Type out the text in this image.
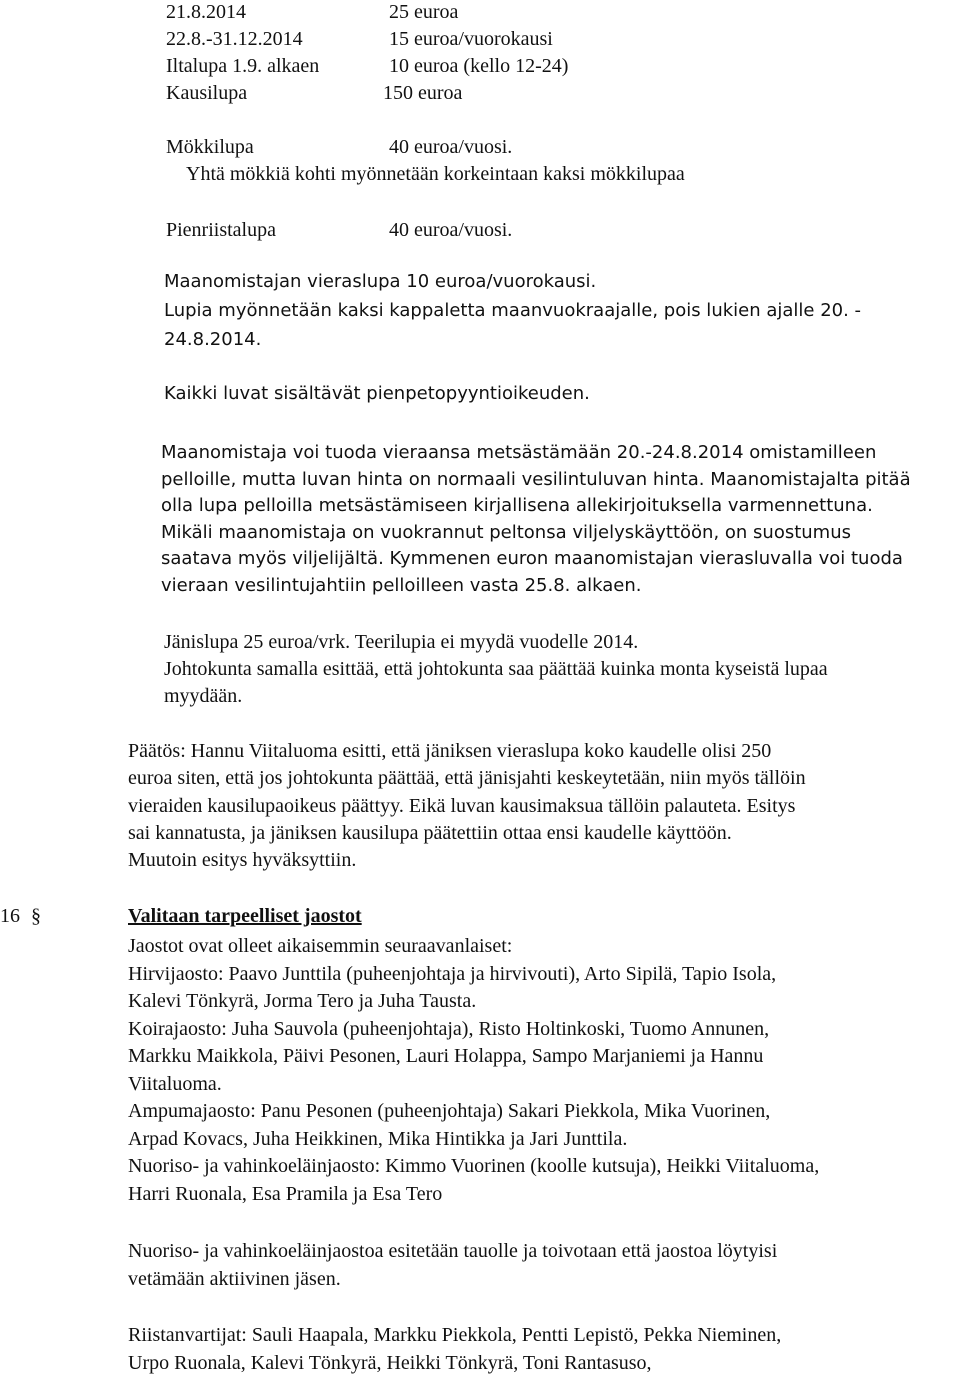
21.8.2014	25 euroa
22.8.-31.12.2014	15 euroa/vuorokausi
Iltalupa 1.9. alkaen	10 euroa (kello 12-24)
Kausilupa	150 euroa
Mökkilupa	40 euroa/vuosi.
Yhtä mökkiä kohti myönnetään korkeintaan kaksi mökkilupaa
Pienriistalupa	40 euroa/vuosi.
Maanomistajan vieraslupa 10 euroa/vuorokausi.
Lupia myönnetään kaksi kappaletta maanvuokraajalle, pois lukien ajalle 20. -
24.8.2014.
Kaikki luvat sisältävät pienpetopyyntioikeuden.
Maanomistaja voi tuoda vieraansa metsästämään 20.-24.8.2014 omistamilleen
pelloille, mutta luvan hinta on normaali vesilintuluvan hinta. Maanomistajalta pitää
olla lupa pelloilla metsästämiseen kirjallisena allekirjoituksella varmennettuna.
Mikäli maanomistaja on vuokrannut peltonsa viljelyskäyttöön, on suostumus
saatava myös viljelijältä. Kymmenen euron maanomistajan vierasluvalla voi tuoda
vieraan vesilintujahtiin pelloilleen vasta 25.8. alkaen.
Jänislupa 25 euroa/vrk. Teerilupia ei myydä vuodelle 2014.
Johtokunta samalla esittää, että johtokunta saa päättää kuinka monta kyseistä lupaa
myydään.
Päätös: Hannu Viitaluoma esitti, että jäniksen vieraslupa koko kaudelle olisi 250
euroa siten, että jos johtokunta päättää, että jänisjahti keskeytetään, niin myös tällöin
vieraiden kausilupaoikeus päättyy. Eikä luvan kausimaksua tällöin palauteta. Esitys
sai kannatusta, ja jäniksen kausilupa päätettiin ottaa ensi kaudelle käyttöön.
Muutoin esitys hyväksyttiin.
16 §	Valitaan tarpeelliset jaostot
Jaostot ovat olleet aikaisemmin seuraavanlaiset:
Hirvijaosto: Paavo Junttila (puheenjohtaja ja hirvivouti), Arto Sipilä, Tapio Isola,
Kalevi Tönkyrä, Jorma Tero ja Juha Tausta.
Koirajaosto: Juha Sauvola (puheenjohtaja), Risto Holtinkoski, Tuomo Annunen,
Markku Maikkola, Päivi Pesonen, Lauri Holappa, Sampo Marjaniemi ja Hannu
Viitaluoma.
Ampumajaosto: Panu Pesonen (puheenjohtaja) Sakari Piekkola, Mika Vuorinen,
Arpad Kovacs, Juha Heikkinen, Mika Hintikka ja Jari Junttila.
Nuoriso- ja vahinkoeläinjaosto: Kimmo Vuorinen (koolle kutsuja), Heikki Viitaluoma,
Harri Ruonala, Esa Pramila ja Esa Tero
Nuoriso- ja vahinkoeläinjaostoa esitetään tauolle ja toivotaan että jaostoa löytyisi
vetämään aktiivinen jäsen.
Riistanvartijat: Sauli Haapala, Markku Piekkola, Pentti Lepistö, Pekka Nieminen,
Urpo Ruonala, Kalevi Tönkyrä, Heikki Tönkyrä, Toni Rantasuso,
